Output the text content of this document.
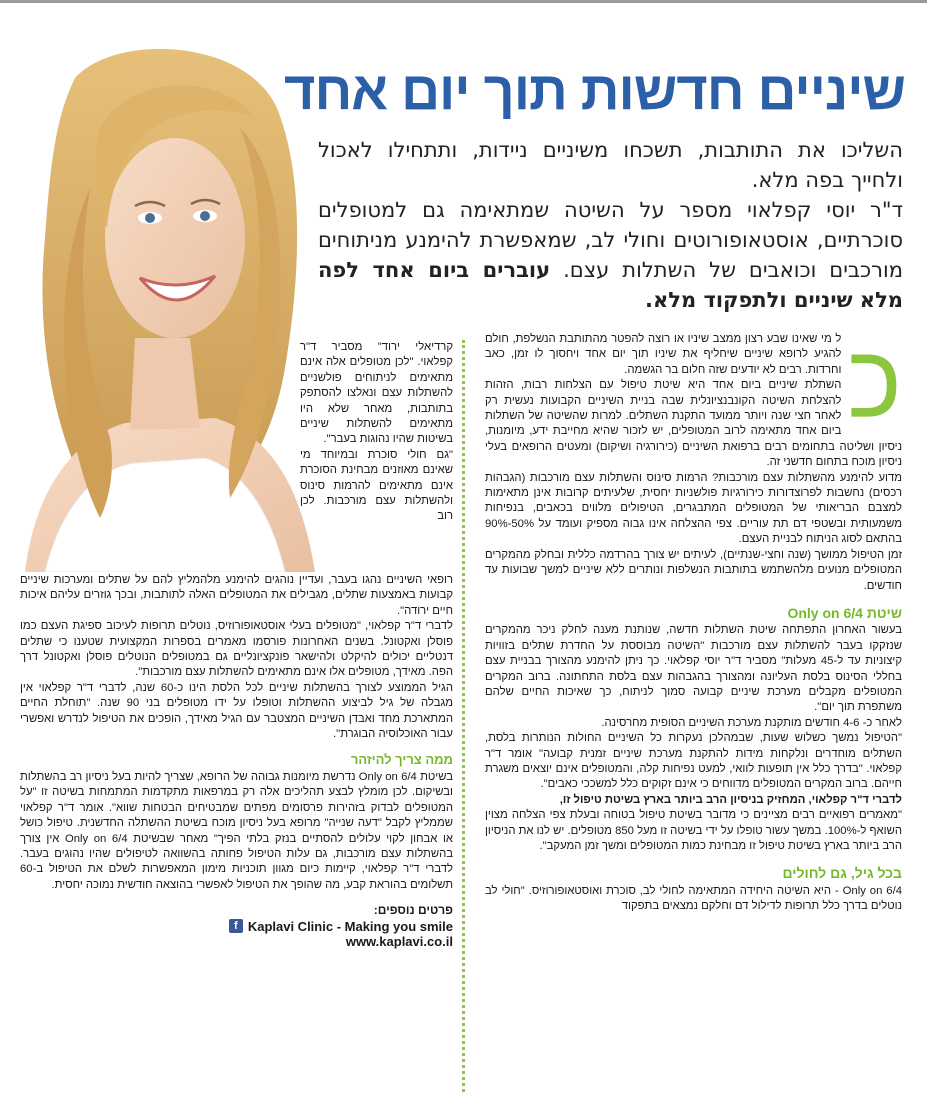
שיניים חדשות תוך יום אחד

השליכו את התותבות, תשכחו משיניים ניידות, ותתחילו לאכול ולחייך בפה מלא.

ד"ר יוסי קפלאוי מספר על השיטה שמתאימה גם למטופלים סוכרתיים, אוסטאופורוטים וחולי לב, שמאפשרת להימנע מניתוחים מורכבים וכואבים של השתלות עצם. עוברים ביום אחד לפה מלא שיניים ולתפקוד מלא.

כ

ל מי שאינו שבע רצון ממצב שיניו או רוצה להפטר מהתותבת הנשלפת, חולם להגיע לרופא שיניים שיחליף את שיניו תוך יום אחד ויחסוך לו זמן, כאב וחרדות. רבים לא יודעים שזה חלום בר הגשמה.

השתלת שיניים ביום אחד היא שיטת טיפול עם הצלחות רבות, הזהות להצלחת השיטה הקונבנציונלית שבה בניית השיניים הקבועות נעשית רק לאחר חצי שנה ויותר ממועד התקנת השתלים. למרות שהשיטה של השתלות ביום אחד מתאימה לרוב המטופלים, יש לזכור שהיא מחייבת ידע, מיומנות, ניסיון ושליטה בתחומים רבים ברפואת השיניים (כירורגיה ושיקום) ומעטים הרופאים בעלי ניסיון מוכח בתחום חדשני זה.

מדוע להימנע מהשתלות עצם מורכבות? הרמות סינוס והשתלות עצם מורכבות (הגבהות רכסים) נחשבות לפרוצדורות כירורגיות פולשניות יחסית, שלעיתים קרובות אינן מתאימות למצבם הבריאותי של המטופלים המתבגרים, הטיפולים מלווים בכאבים, בנפיחות משמעותית ובשטפי דם תת עוריים. צפי ההצלחה אינו גבוה מספיק ועומד על 50%-90% בהתאם לסוג הניתוח לבניית העצם.

זמן הטיפול ממושך (שנה וחצי-שנתיים), לעיתים יש צורך בהרדמה כללית ובחלק מהמקרים המטופלים מנועים מלהשתמש בתותבות הנשלפות ונותרים ללא שיניים למשך שבועות עד חודשים.

שיטת Only on 6/4

בעשור האחרון התפתחה שיטת השתלות חדשה, שנותנת מענה לחלק ניכר מהמקרים שנזקקו בעבר להשתלות עצם מורכבות "השיטה מבוססת על החדרת שתלים בזוויות קיצוניות עד ל-45 מעלות" מסביר ד"ר יוסי קפלאוי. כך ניתן להימנע מהצורך בבניית עצם בחללי הסינוס בלסת העליונה ומהצורך בהגבהות עצם בלסת התחתונה. ברוב המקרים המטופלים מקבלים מערכת שיניים קבועה סמוך לניתוח, כך שאיכות החיים שלהם משתפרת תוך יום".

לאחר כ- 4-6 חודשים מותקנת מערכת השיניים הסופית מחרסינה.

"הטיפול נמשך כשלוש שעות, שבמהלכן נעקרות כל השיניים החולות הנותרות בלסת, השתלים מוחדרים ונלקחות מידות להתקנת מערכת שיניים זמנית קבועה" אומר ד"ר קפלאוי. "בדרך כלל אין תופעות לוואי, למעט נפיחות קלה, והמטופלים אינם יוצאים משגרת חייהם. ברוב המקרים המטופלים מדווחים כי אינם זקוקים כלל למשככי כאבים".

לדברי ד"ר קפלאוי, המחזיק בניסיון הרב ביותר בארץ בשיטת טיפול זו,

"מאמרים רפואיים רבים מציינים כי מדובר בשיטת טיפול בטוחה ובעלת צפי הצלחה מצוין השואף ל-100%. במשך עשור טופלו על ידי בשיטה זו מעל 850 מטופלים. יש לנו את הניסיון הרב ביותר בארץ בשיטת טיפול זו מבחינת כמות המטופלים ומשך זמן המעקב".

בכל גיל, גם לחולים

Only on 6/4 - היא השיטה היחידה המתאימה לחולי לב, סוכרת ואוסטאופורוזיס. "חולי לב נוטלים בדרך כלל תרופות לדילול דם וחלקם נמצאים בתפקוד

קרדיאלי ירוד" מסביר ד"ר קפלאוי. "לכן מטופלים אלה אינם מתאימים לניתוחים פולשניים להשתלות עצם ונאלצו להסתפק בתותבות, מאחר שלא היו מתאימים להשתלות שיניים בשיטות שהיו נהוגות בעבר".

"גם חולי סוכרת ובמיוחד מי שאינם מאוזנים מבחינת הסוכרת אינם מתאימים להרמות סינוס ולהשתלות עצם מורכבות. לכן רוב

רופאי השיניים נהגו בעבר, ועדיין נוהגים להימנע מלהמליץ להם על שתלים ומערכות שיניים קבועות באמצעות שתלים, מגבילים את המטופלים האלה לתותבות, ובכך גוזרים עליהם איכות חיים ירודה".

לדברי ד"ר קפלאוי, "מטופלים בעלי אוסטאופורוזיס, נוטלים תרופות לעיכוב ספיגת העצם כמו פוסלן ואקטונל. בשנים האחרונות פורסמו מאמרים בספרות המקצועית שטענו כי שתלים דנטליים יכולים להיקלט ולהישאר פונקציונליים גם במטופלים הנוטלים פוסלן ואקטונל דרך הפה. מאידך, מטופלים אלו אינם מתאימים להשתלות עצם מורכבות".

הגיל הממוצע לצורך בהשתלות שיניים לכל הלסת הינו כ-60 שנה, לדברי ד"ר קפלאוי אין מגבלה של גיל לביצוע ההשתלות וטופלו על ידו מטופלים בני 90 שנה. "תוחלת החיים המתארכת מחד ואבדן השיניים המצטבר עם הגיל מאידך, הופכים את הטיפול לנדרש ואפשרי עבור האוכלוסיה הבוגרת".

ממה צריך להיזהר

בשיטת Only on 6/4 נדרשת מיומנות גבוהה של הרופא, שצריך להיות בעל ניסיון רב בהשתלות ובשיקום. לכן מומלץ לבצע תהליכים אלה רק במרפאות מתקדמות המתמחות בשיטה זו "על המטופלים לבדוק בזהירות פרסומים מפתים שמבטיחים הבטחות שווא". אומר ד"ר קפלאוי שממליץ לקבל "דעה שנייה" מרופא בעל ניסיון מוכח בשיטת ההשתלה החדשנית. טיפול כושל או אבחון לקוי עלולים להסתיים בנזק בלתי הפיך" מאחר שבשיטת Only on 6/4 אין צורך בהשתלות עצם מורכבות, גם עלות הטיפול פחותה בהשוואה לטיפולים שהיו נהוגים בעבר. לדברי ד"ר קפלאוי, קיימות כיום מגוון תוכניות מימון המאפשרות לשלם את הטיפול ב-60 תשלומים בהוראת קבע, מה שהופך את הטיפול לאפשרי בהוצאה חודשית נמוכה יחסית.

פרטים נוספים:

f Kaplavi Clinic - Making you smile
www.kaplavi.co.il
